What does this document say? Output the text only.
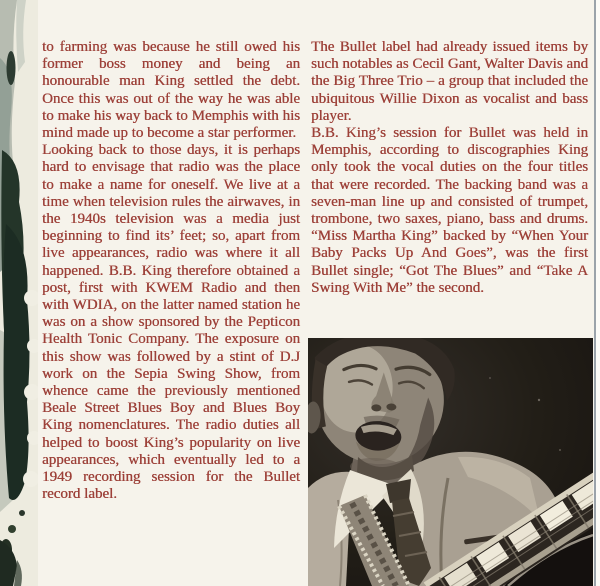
to farming was because he still owed his former boss money and being an honourable man King settled the debt. Once this was out of the way he was able to make his way back to Memphis with his mind made up to become a star performer.

Looking back to those days, it is perhaps hard to envisage that radio was the place to make a name for oneself. We live at a time when television rules the airwaves, in the 1940s television was a media just beginning to find its’ feet; so, apart from live appearances, radio was where it all happened. B.B. King therefore obtained a post, first with KWEM Radio and then with WDIA, on the latter named station he was on a show sponsored by the Pepticon Health Tonic Company. The exposure on this show was followed by a stint of D.J work on the Sepia Swing Show, from whence came the previously mentioned Beale Street Blues Boy and Blues Boy King nomenclatures. The radio duties all helped to boost King’s popularity on live appearances, which eventually led to a 1949 recording session for the Bullet record label.

The Bullet label had already issued items by such notables as Cecil Gant, Walter Davis and the Big Three Trio – a group that included the ubiquitous Willie Dixon as vocalist and bass player.

B.B. King’s session for Bullet was held in Memphis, according to discographies King only took the vocal duties on the four titles that were recorded. The backing band was a seven-man line up and consisted of trumpet, trombone, two saxes, piano, bass and drums. “Miss Martha King” backed by “When Your Baby Packs Up And Goes”, was the first Bullet single; “Got The Blues” and “Take A Swing With Me” the second.
